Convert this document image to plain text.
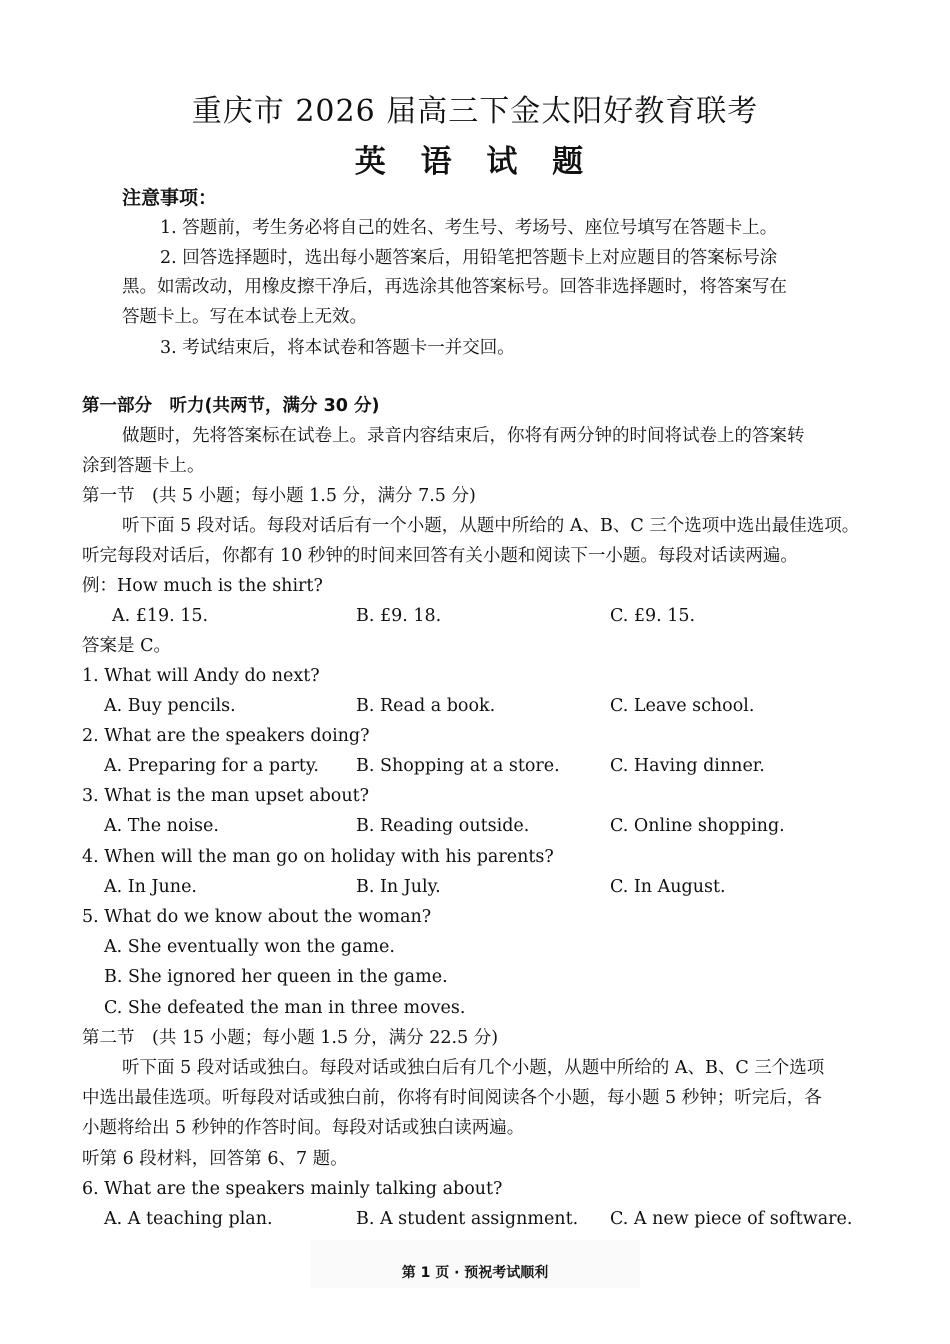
重庆市 2026 届高三下金太阳好教育联考
英 语 试 题
注意事项：
1. 答题前，考生务必将自己的姓名、考生号、考场号、座位号填写在答题卡上。
2. 回答选择题时，选出每小题答案后，用铅笔把答题卡上对应题目的答案标号涂
黑。如需改动，用橡皮擦干净后，再选涂其他答案标号。回答非选择题时，将答案写在
答题卡上。写在本试卷上无效。
3. 考试结束后，将本试卷和答题卡一并交回。
第一部分　听力(共两节，满分 30 分)
做题时，先将答案标在试卷上。录音内容结束后，你将有两分钟的时间将试卷上的答案转
涂到答题卡上。
第一节　(共 5 小题；每小题 1.5 分，满分 7.5 分)
听下面 5 段对话。每段对话后有一个小题，从题中所给的 A、B、C 三个选项中选出最佳选项。
听完每段对话后，你都有 10 秒钟的时间来回答有关小题和阅读下一小题。每段对话读两遍。
例：How much is the shirt?
A. £19. 15.	B. £9. 18.	C. £9. 15.
答案是 C。
1. What will Andy do next?
A. Buy pencils.	B. Read a book.	C. Leave school.
2. What are the speakers doing?
A. Preparing for a party. B. Shopping at a store.	C. Having dinner.
3. What is the man upset about?
A. The noise.	B. Reading outside.	C. Online shopping.
4. When will the man go on holiday with his parents?
A. In June.	B. In July.	C. In August.
5. What do we know about the woman?
A. She eventually won the game.
B. She ignored her queen in the game.
C. She defeated the man in three moves.
第二节　(共 15 小题；每小题 1.5 分，满分 22.5 分)
听下面 5 段对话或独白。每段对话或独白后有几个小题，从题中所给的 A、B、C 三个选项
中选出最佳选项。听每段对话或独白前，你将有时间阅读各个小题，每小题 5 秒钟；听完后，各
小题将给出 5 秒钟的作答时间。每段对话或独白读两遍。
听第 6 段材料，回答第 6、7 题。
6. What are the speakers mainly talking about?
A. A teaching plan.	B. A student assignment. C. A new piece of software.
第 1 页 · 预祝考试顺利
